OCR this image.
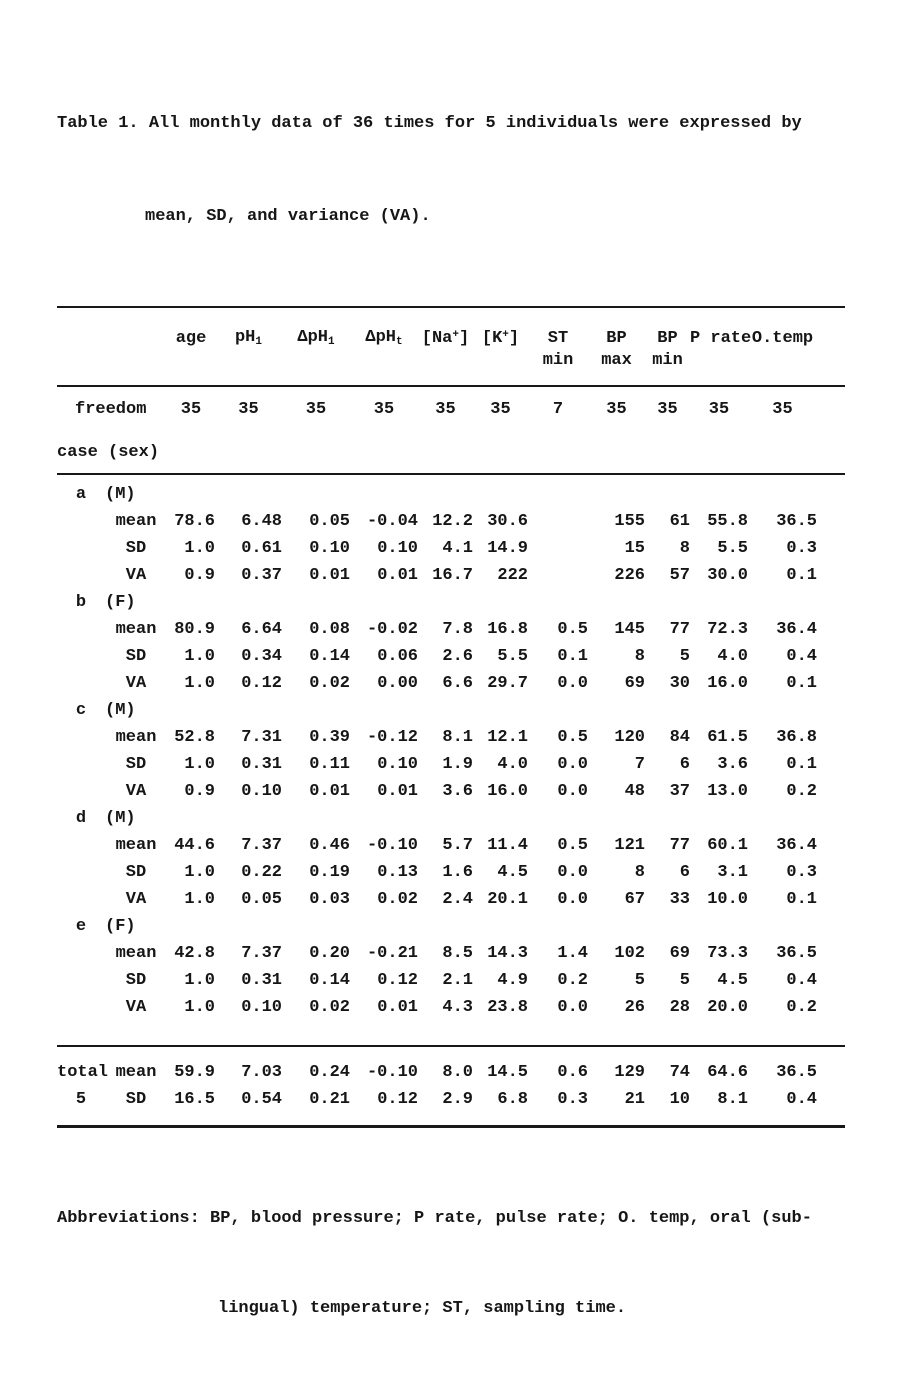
Table 1. All monthly data of 36 times for 5 individuals were expressed by

mean, SD, and variance (VA).

		age	$pH_1$	ΔpH$_1$	ΔpH$_t$	[Na+]	[K+]	ST	BP	BP	P rate	O.temp	
								min	max	min			
freedom		35	35	35	35	35	35	7	35	35	35	35	
case (sex)													
a	(M)												
	mean	78.6	6.48	0.05	-0.04	12.2	30.6		155	61	55.8	36.5	
	SD	1.0	0.61	0.10	0.10	4.1	14.9		15	8	5.5	0.3	
	VA	0.9	0.37	0.01	0.01	16.7	222		226	57	30.0	0.1	
b	(F)												
	mean	80.9	6.64	0.08	-0.02	7.8	16.8	0.5	145	77	72.3	36.4	
	SD	1.0	0.34	0.14	0.06	2.6	5.5	0.1	8	5	4.0	0.4	
	VA	1.0	0.12	0.02	0.00	6.6	29.7	0.0	69	30	16.0	0.1	
c	(M)												
	mean	52.8	7.31	0.39	-0.12	8.1	12.1	0.5	120	84	61.5	36.8	
	SD	1.0	0.31	0.11	0.10	1.9	4.0	0.0	7	6	3.6	0.1	
	VA	0.9	0.10	0.01	0.01	3.6	16.0	0.0	48	37	13.0	0.2	
d	(M)												
	mean	44.6	7.37	0.46	-0.10	5.7	11.4	0.5	121	77	60.1	36.4	
	SD	1.0	0.22	0.19	0.13	1.6	4.5	0.0	8	6	3.1	0.3	
	VA	1.0	0.05	0.03	0.02	2.4	20.1	0.0	67	33	10.0	0.1	
e	(F)												
	mean	42.8	7.37	0.20	-0.21	8.5	14.3	1.4	102	69	73.3	36.5	
	SD	1.0	0.31	0.14	0.12	2.1	4.9	0.2	5	5	4.5	0.4	
	VA	1.0	0.10	0.02	0.01	4.3	23.8	0.0	26	28	20.0	0.2	

total	mean	59.9	7.03	0.24	-0.10	8.0	14.5	0.6	129	74	64.6	36.5	
5	SD	16.5	0.54	0.21	0.12	2.9	6.8	0.3	21	10	8.1	0.4	

Abbreviations: BP, blood pressure; P rate, pulse rate; O. temp, oral (sub-

lingual) temperature; ST, sampling time.
